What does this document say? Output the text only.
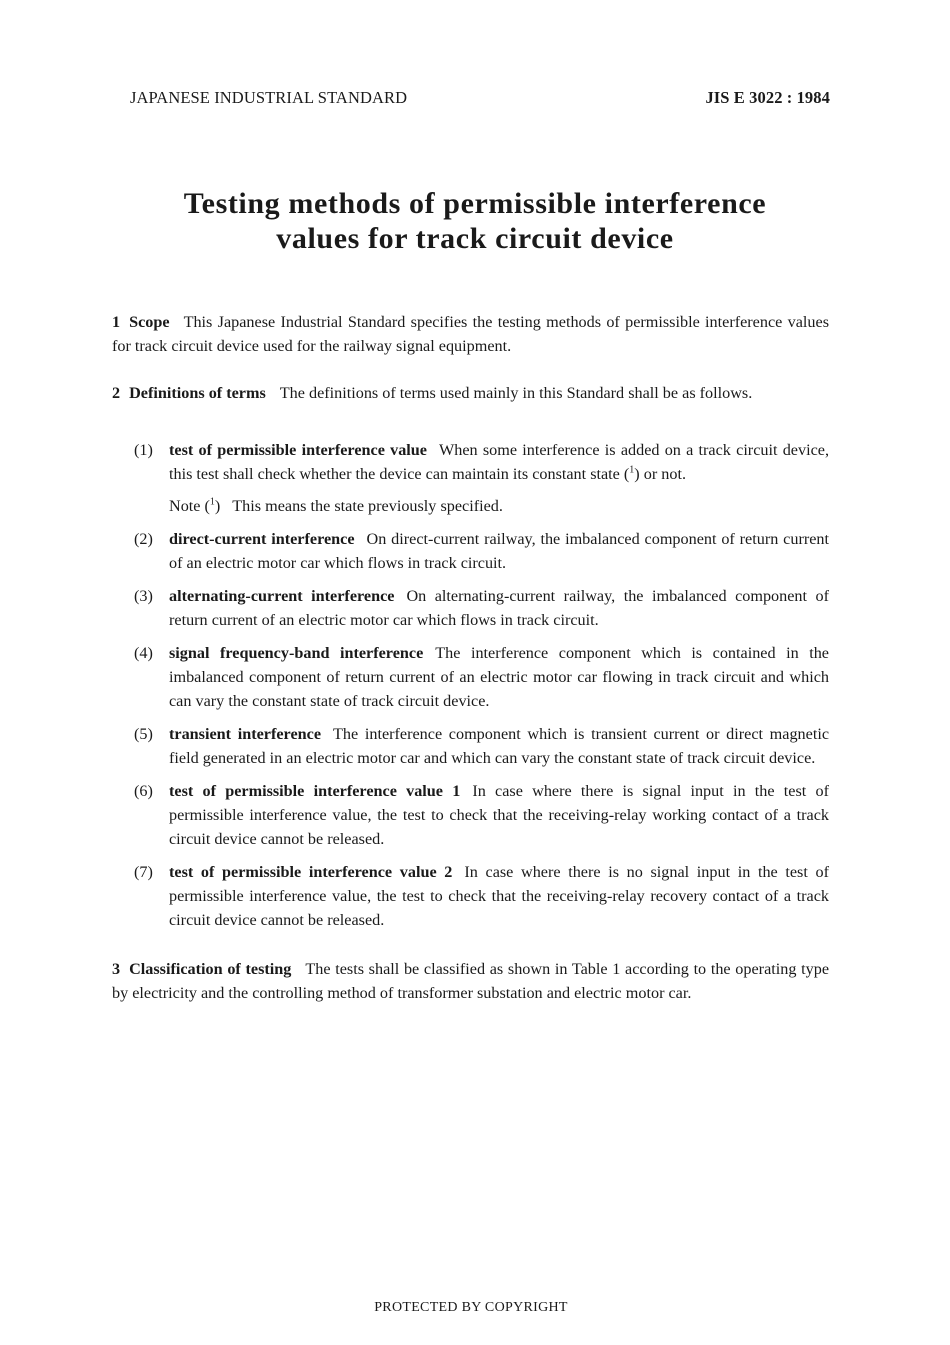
JAPANESE INDUSTRIAL STANDARD	JIS E 3022 : 1984
Testing methods of permissible interference
values for track circuit device

1 Scope This Japanese Industrial Standard specifies the testing methods of permissible interference values for track circuit device used for the railway signal equipment.

2 Definitions of terms The definitions of terms used mainly in this Standard shall be as follows.

(1) test of permissible interference value When some interference is added on a track circuit device, this test shall check whether the device can maintain its constant state ($^1$) or not.

Note ($^1$) This means the state previously specified.

(2) direct-current interference On direct-current railway, the imbalanced component of return current of an electric motor car which flows in track circuit.
(3) alternating-current interference On alternating-current railway, the imbalanced component of return current of an electric motor car which flows in track circuit.
(4) signal frequency-band interference The interference component which is contained in the imbalanced component of return current of an electric motor car flowing in track circuit and which can vary the constant state of track circuit device.
(5) transient interference The interference component which is transient current or direct magnetic field generated in an electric motor car and which can vary the constant state of track circuit device.
(6) test of permissible interference value 1 In case where there is signal input in the test of permissible interference value, the test to check that the receiving-relay working contact of a track circuit device cannot be released.
(7) test of permissible interference value 2 In case where there is no signal input in the test of permissible interference value, the test to check that the receiving-relay recovery contact of a track circuit device cannot be released.

3 Classification of testing The tests shall be classified as shown in Table 1 according to the operating type by electricity and the controlling method of transformer substation and electric motor car.

PROTECTED BY COPYRIGHT
